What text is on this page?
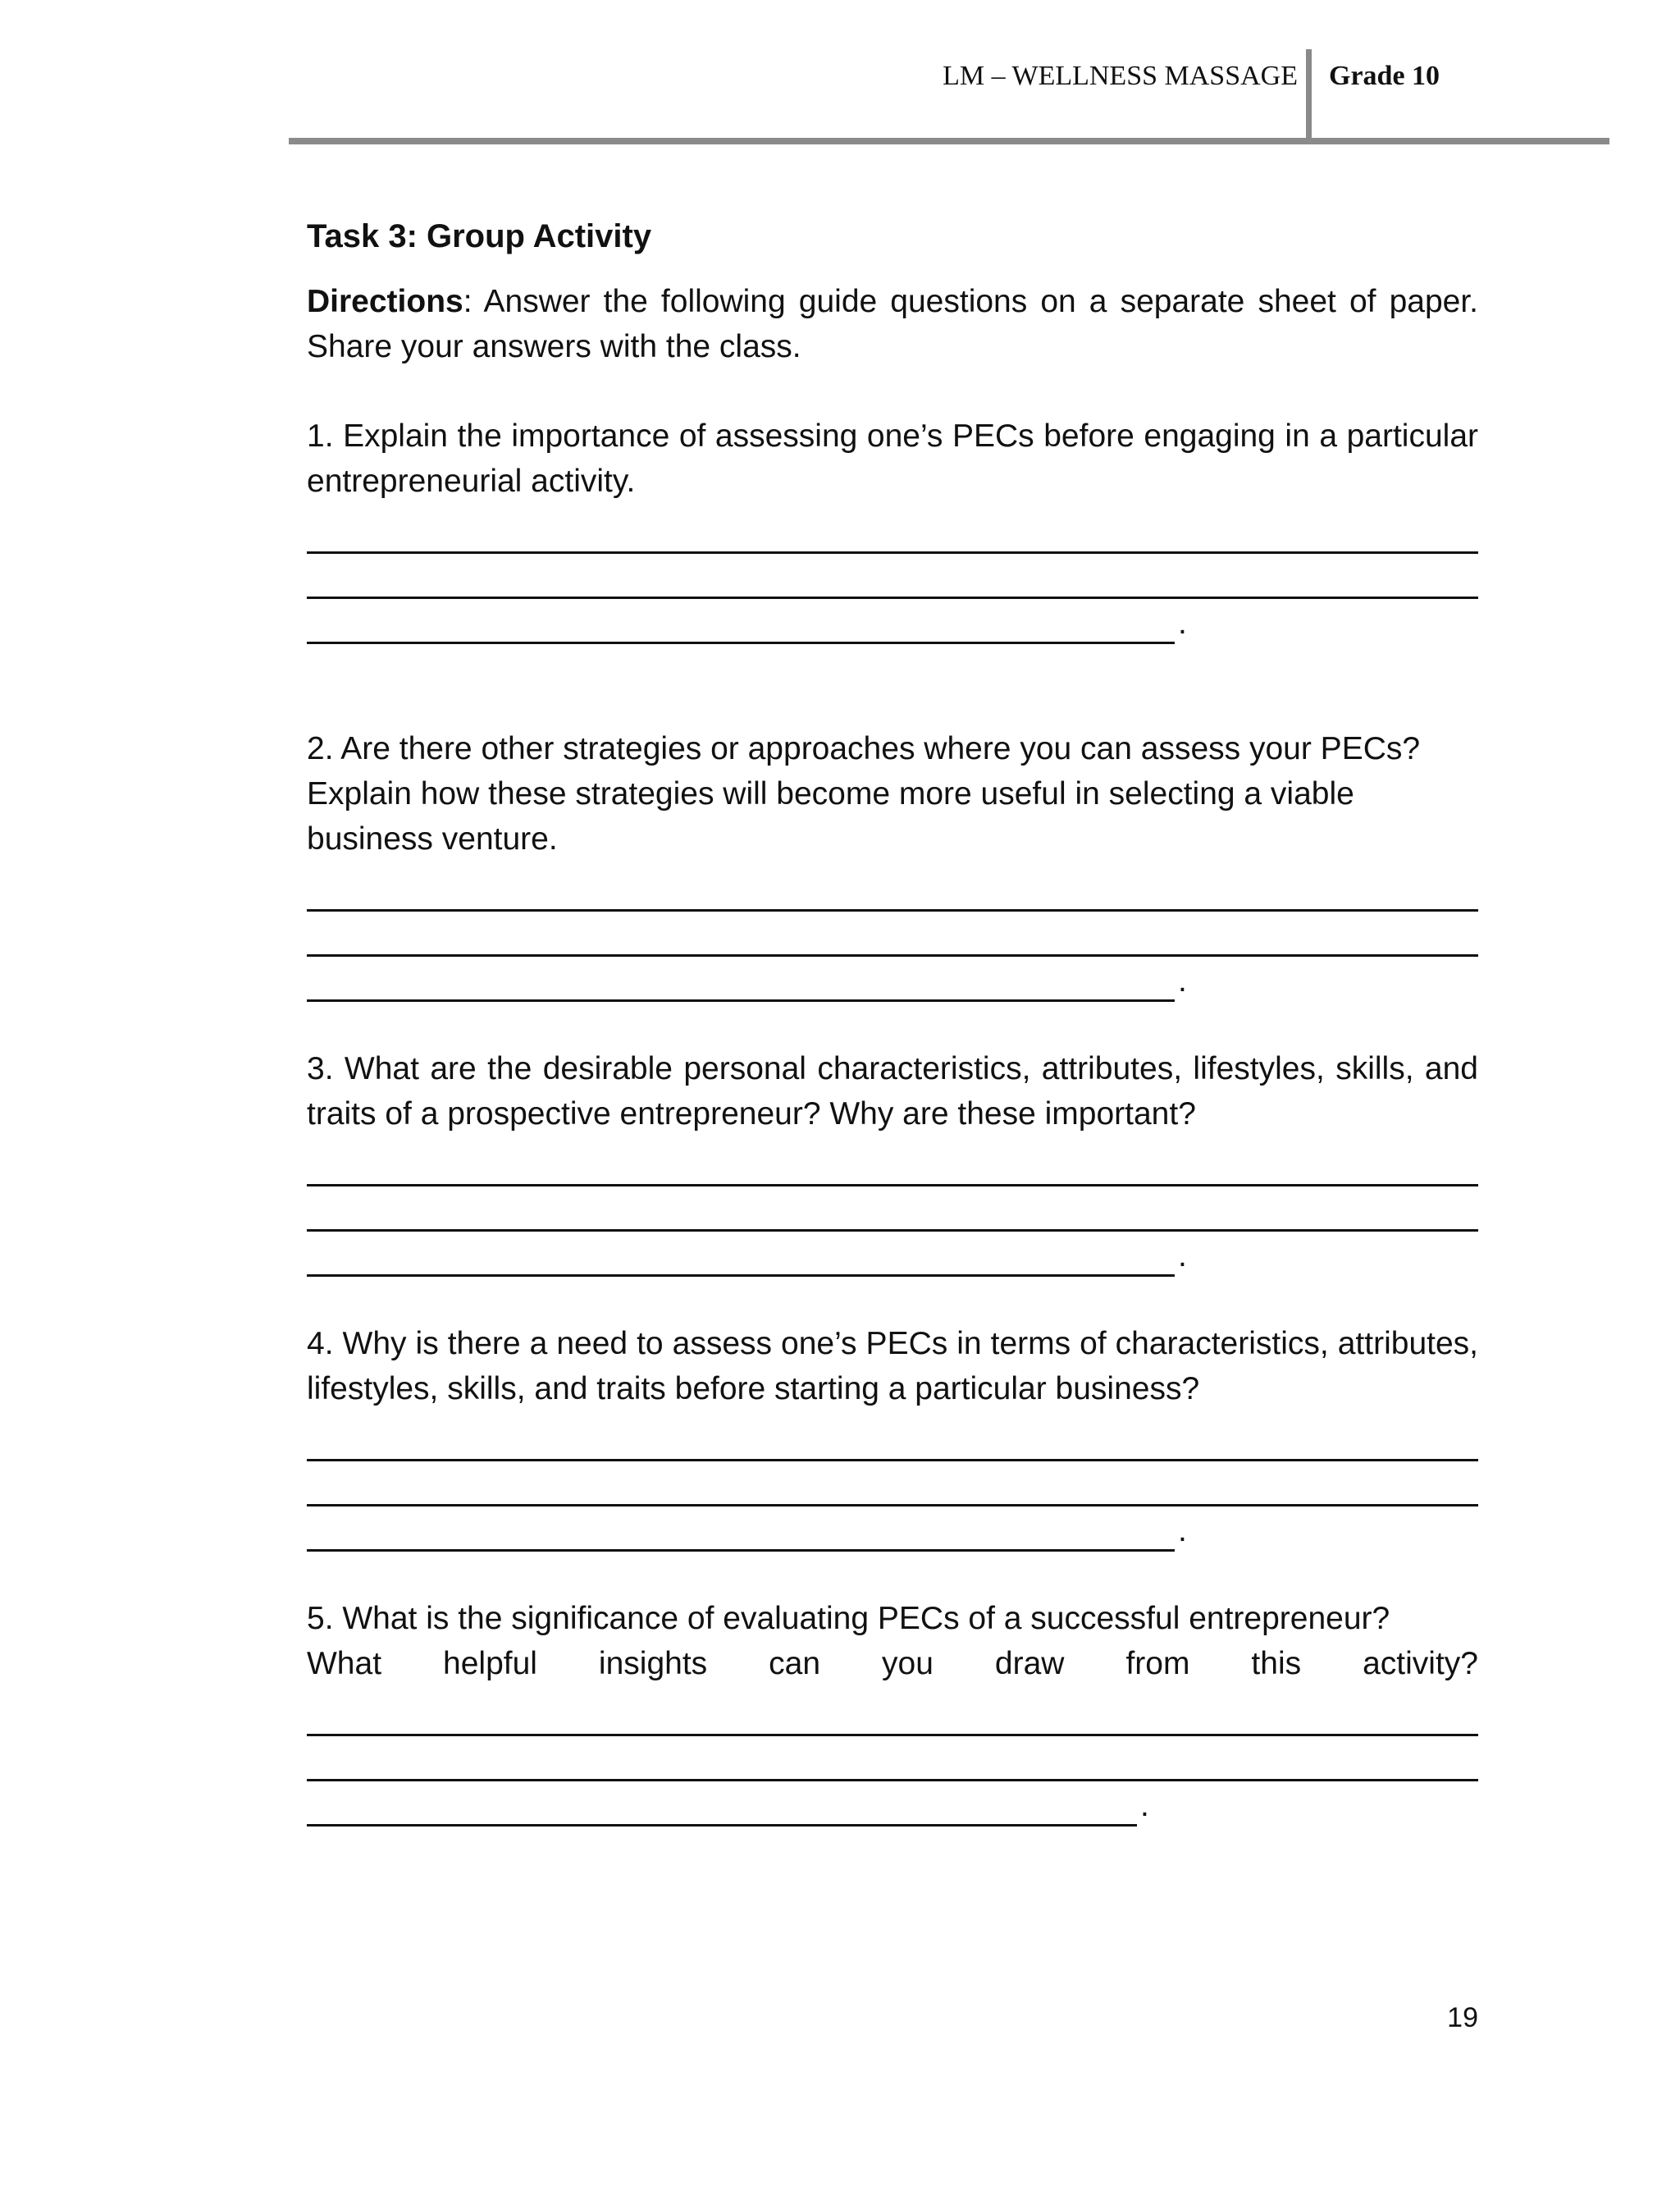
LM – WELLNESS MASSAGE Grade 10
Task 3: Group Activity

Directions: Answer the following guide questions on a separate sheet of paper. Share your answers with the class.

1. Explain the importance of assessing one’s PECs before engaging in a particular entrepreneurial activity.

.

2. Are there other strategies or approaches where you can assess your PECs? Explain how these strategies will become more useful in selecting a viable business venture.

.

3. What are the desirable personal characteristics, attributes, lifestyles, skills, and traits of a prospective entrepreneur? Why are these important?

.

4. Why is there a need to assess one’s PECs in terms of characteristics, attributes, lifestyles, skills, and traits before starting a particular business?

.

5. What is the significance of evaluating PECs of a successful entrepreneur?

What helpful insights can you draw from this activity?

.
19
